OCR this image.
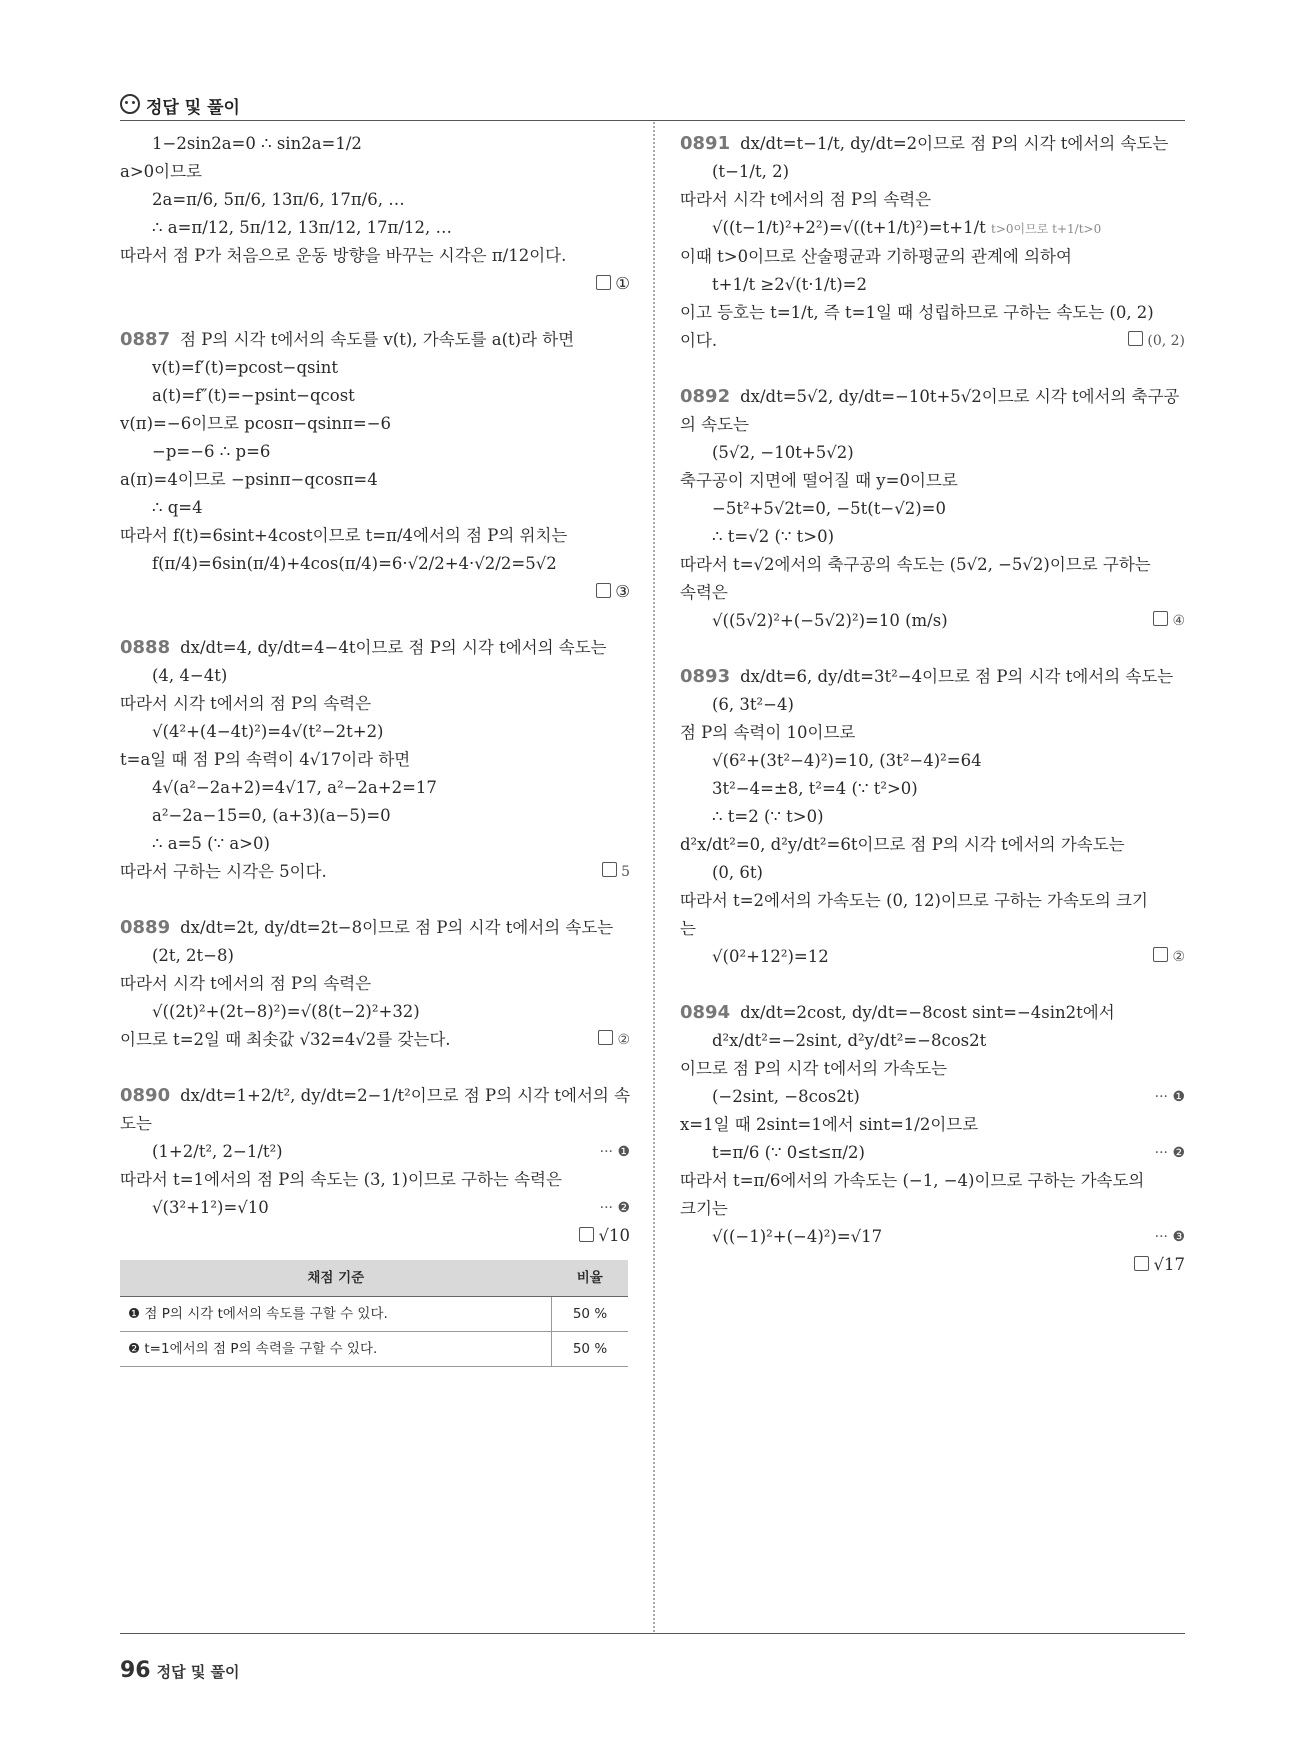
정답 및 풀이
1−2sin2a=0 ∴ sin2a=1/2
a>0이므로
2a=π/6, 5π/6, 13π/6, 17π/6, …
∴ a=π/12, 5π/12, 13π/12, 17π/12, …
따라서 점 P가 처음으로 운동 방향을 바꾸는 시각은 π/12이다.
①
0887 점 P의 시각 t에서의 속도를 v(t), 가속도를 a(t)라 하면
v(t)=f′(t)=pcost−qsint
a(t)=f″(t)=−psint−qcost
v(π)=−6이므로 pcosπ−qsinπ=−6
−p=−6 ∴ p=6
a(π)=4이므로 −psinπ−qcosπ=4
∴ q=4
따라서 f(t)=6sint+4cost이므로 t=π/4에서의 점 P의 위치는
f(π/4)=6sin(π/4)+4cos(π/4)=6·√2/2+4·√2/2=5√2
③
0888 dx/dt=4, dy/dt=4−4t이므로 점 P의 시각 t에서의 속도는
(4, 4−4t)
따라서 시각 t에서의 점 P의 속력은
√(4²+(4−4t)²)=4√(t²−2t+2)
t=a일 때 점 P의 속력이 4√17이라 하면
4√(a²−2a+2)=4√17, a²−2a+2=17
a²−2a−15=0, (a+3)(a−5)=0
∴ a=5 (∵ a>0)
따라서 구하는 시각은 5이다.	5
0889 dx/dt=2t, dy/dt=2t−8이므로 점 P의 시각 t에서의 속도는
(2t, 2t−8)
따라서 시각 t에서의 점 P의 속력은
√((2t)²+(2t−8)²)=√(8(t−2)²+32)
이므로 t=2일 때 최솟값 √32=4√2를 갖는다.	②
0890 dx/dt=1+2/t², dy/dt=2−1/t²이므로 점 P의 시각 t에서의 속
도는
(1+2/t², 2−1/t²)	··· ❶
따라서 t=1에서의 점 P의 속도는 (3, 1)이므로 구하는 속력은
√(3²+1²)=√10	··· ❷
√10
채점 기준	비율
❶ 점 P의 시각 t에서의 속도를 구할 수 있다.	50 %
❷ t=1에서의 점 P의 속력을 구할 수 있다.	50 %
0891 dx/dt=t−1/t, dy/dt=2이므로 점 P의 시각 t에서의 속도는
(t−1/t, 2)
따라서 시각 t에서의 점 P의 속력은
√((t−1/t)²+2²)=√((t+1/t)²)=t+1/t t>0이므로 t+1/t>0
이때 t>0이므로 산술평균과 기하평균의 관계에 의하여
t+1/t ≥2√(t·1/t)=2
이고 등호는 t=1/t, 즉 t=1일 때 성립하므로 구하는 속도는 (0, 2)
이다.	(0, 2)
0892 dx/dt=5√2, dy/dt=−10t+5√2이므로 시각 t에서의 축구공
의 속도는
(5√2, −10t+5√2)
축구공이 지면에 떨어질 때 y=0이므로
−5t²+5√2t=0, −5t(t−√2)=0
∴ t=√2 (∵ t>0)
따라서 t=√2에서의 축구공의 속도는 (5√2, −5√2)이므로 구하는
속력은
√((5√2)²+(−5√2)²)=10 (m/s)	④
0893 dx/dt=6, dy/dt=3t²−4이므로 점 P의 시각 t에서의 속도는
(6, 3t²−4)
점 P의 속력이 10이므로
√(6²+(3t²−4)²)=10, (3t²−4)²=64
3t²−4=±8, t²=4 (∵ t²>0)
∴ t=2 (∵ t>0)
d²x/dt²=0, d²y/dt²=6t이므로 점 P의 시각 t에서의 가속도는
(0, 6t)
따라서 t=2에서의 가속도는 (0, 12)이므로 구하는 가속도의 크기
는
√(0²+12²)=12	②
0894 dx/dt=2cost, dy/dt=−8cost sint=−4sin2t에서
d²x/dt²=−2sint, d²y/dt²=−8cos2t
이므로 점 P의 시각 t에서의 가속도는
(−2sint, −8cos2t)	··· ❶
x=1일 때 2sint=1에서 sint=1/2이므로
t=π/6 (∵ 0≤t≤π/2)	··· ❷
따라서 t=π/6에서의 가속도는 (−1, −4)이므로 구하는 가속도의
크기는
√((−1)²+(−4)²)=√17	··· ❸
√17
96 정답 및 풀이
